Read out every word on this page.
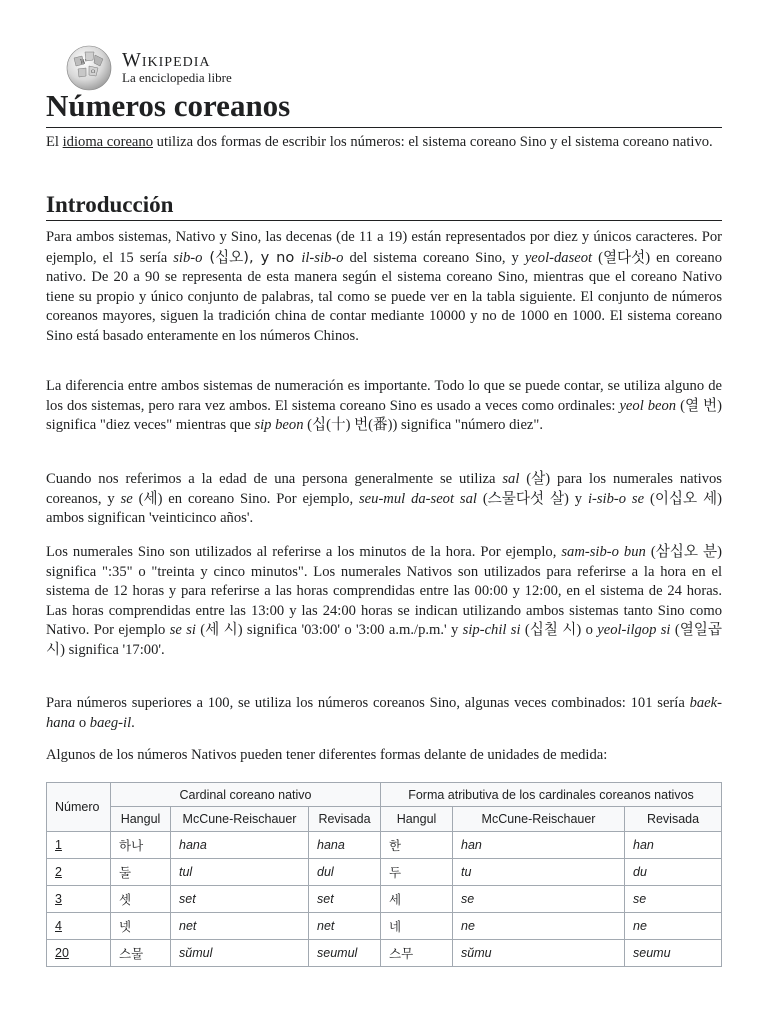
W
Ω
Wikipedia
La enciclopedia libre
Números coreanos

El idioma coreano utiliza dos formas de escribir los números: el sistema coreano Sino y el sistema coreano nativo.

Introducción

Para ambos sistemas, Nativo y Sino, las decenas (de 11 a 19) están representados por diez y únicos caracteres. Por ejemplo, el 15 sería sib-o (십오), y no il-sib-o del sistema coreano Sino, y yeol-daseot (열다섯) en coreano nativo. De 20 a 90 se representa de esta manera según el sistema coreano Sino, mientras que el coreano Nativo tiene su propio y único conjunto de palabras, tal como se puede ver en la tabla siguiente. El conjunto de números coreanos mayores, siguen la tradición china de contar mediante 10000 y no de 1000 en 1000. El sistema coreano Sino está basado enteramente en los números Chinos.

La diferencia entre ambos sistemas de numeración es importante. Todo lo que se puede contar, se utiliza alguno de los dos sistemas, pero rara vez ambos. El sistema coreano Sino es usado a veces como ordinales: yeol beon (열 번) significa "diez veces" mientras que sip beon (십(十) 번(番)) significa "número diez".

Cuando nos referimos a la edad de una persona generalmente se utiliza sal (살) para los numerales nativos coreanos, y se (세) en coreano Sino. Por ejemplo, seu-mul da-seot sal (스물다섯 살) y i-sib-o se (이십오 세) ambos significan 'veinticinco años'.

Los numerales Sino son utilizados al referirse a los minutos de la hora. Por ejemplo, sam-sib-o bun (삼십오 분) significa ":35" o "treinta y cinco minutos". Los numerales Nativos son utilizados para referirse a la hora en el sistema de 12 horas y para referirse a las horas comprendidas entre las 00:00 y 12:00, en el sistema de 24 horas. Las horas comprendidas entre las 13:00 y las 24:00 horas se indican utilizando ambos sistemas tanto Sino como Nativo. Por ejemplo se si (세 시) significa '03:00' o '3:00 a.m./p.m.' y sip-chil si (십칠 시) o yeol-ilgop si (열일곱 시) significa '17:00'.

Para números superiores a 100, se utiliza los números coreanos Sino, algunas veces combinados: 101 sería baek-hana o baeg-il.

Algunos de los números Nativos pueden tener diferentes formas delante de unidades de medida:

Número	Cardinal coreano nativo			Forma atributiva de los cardinales coreanos nativos		
	Hangul	McCune-Reischauer	Revisada	Hangul	McCune-Reischauer	Revisada
1	하나	hana	hana	한	han	han
2	둘	tul	dul	두	tu	du
3	셋	set	set	세	se	se
4	넷	net	net	네	ne	ne
20	스물	sŭmul	seumul	스무	sŭmu	seumu
